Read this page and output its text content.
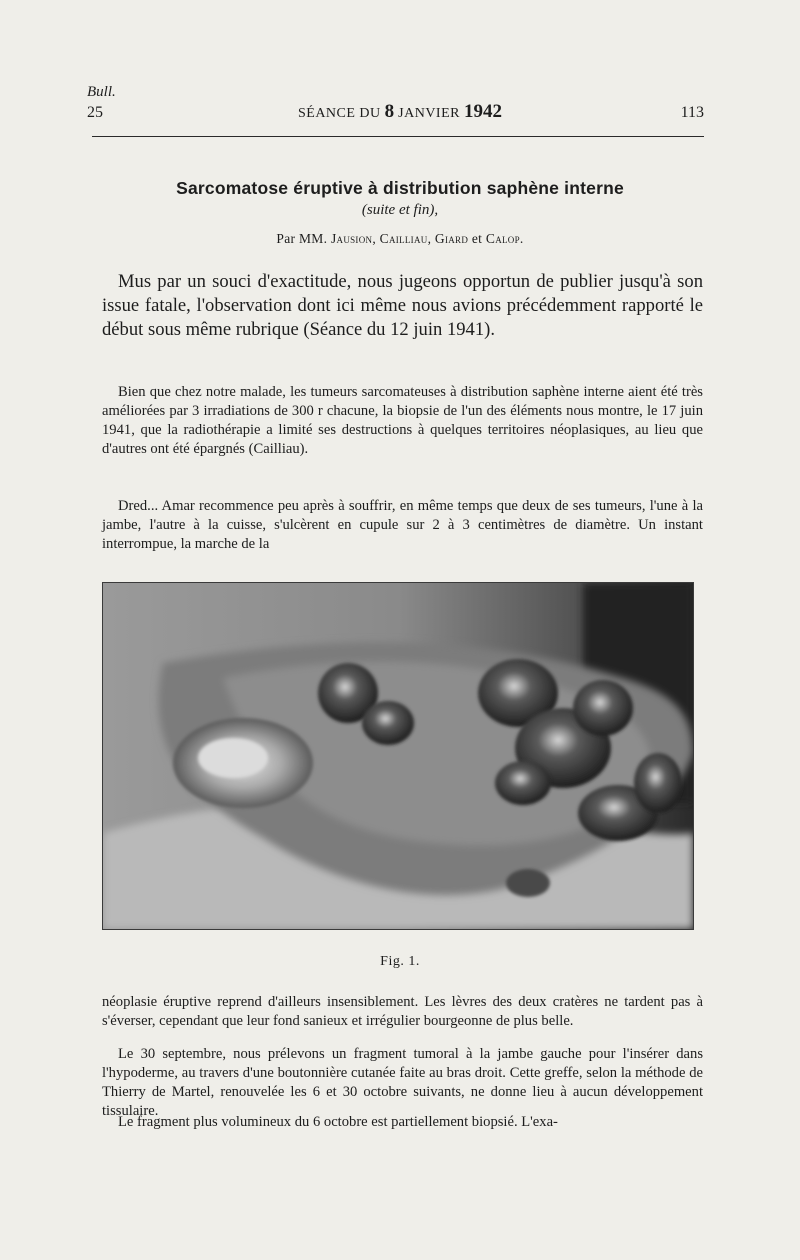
Bull.
25	SÉANCE DU 8 JANVIER 1942	113
Sarcomatose éruptive à distribution saphène interne
(suite et fin),
Par MM. Jausion, Cailliau, Giard et Calop.

Mus par un souci d'exactitude, nous jugeons opportun de publier jusqu'à son issue fatale, l'observation dont ici même nous avions précédemment rapporté le début sous même rubrique (Séance du 12 juin 1941).

Bien que chez notre malade, les tumeurs sarcomateuses à distribution saphène interne aient été très améliorées par 3 irradiations de 300 r chacune, la biopsie de l'un des éléments nous montre, le 17 juin 1941, que la radiothérapie a limité ses destructions à quelques territoires néoplasiques, au lieu que d'autres ont été épargnés (Cailliau).

Dred... Amar recommence peu après à souffrir, en même temps que deux de ses tumeurs, l'une à la jambe, l'autre à la cuisse, s'ulcèrent en cupule sur 2 à 3 centimètres de diamètre. Un instant interrompue, la marche de la

Fig. 1.

néoplasie éruptive reprend d'ailleurs insensiblement. Les lèvres des deux cratères ne tardent pas à s'éverser, cependant que leur fond sanieux et irrégulier bourgeonne de plus belle.

Le 30 septembre, nous prélevons un fragment tumoral à la jambe gauche pour l'insérer dans l'hypoderme, au travers d'une boutonnière cutanée faite au bras droit. Cette greffe, selon la méthode de Thierry de Martel, renouvelée les 6 et 30 octobre suivants, ne donne lieu à aucun développement tissulaire.

Le fragment plus volumineux du 6 octobre est partiellement biopsié. L'exa-
